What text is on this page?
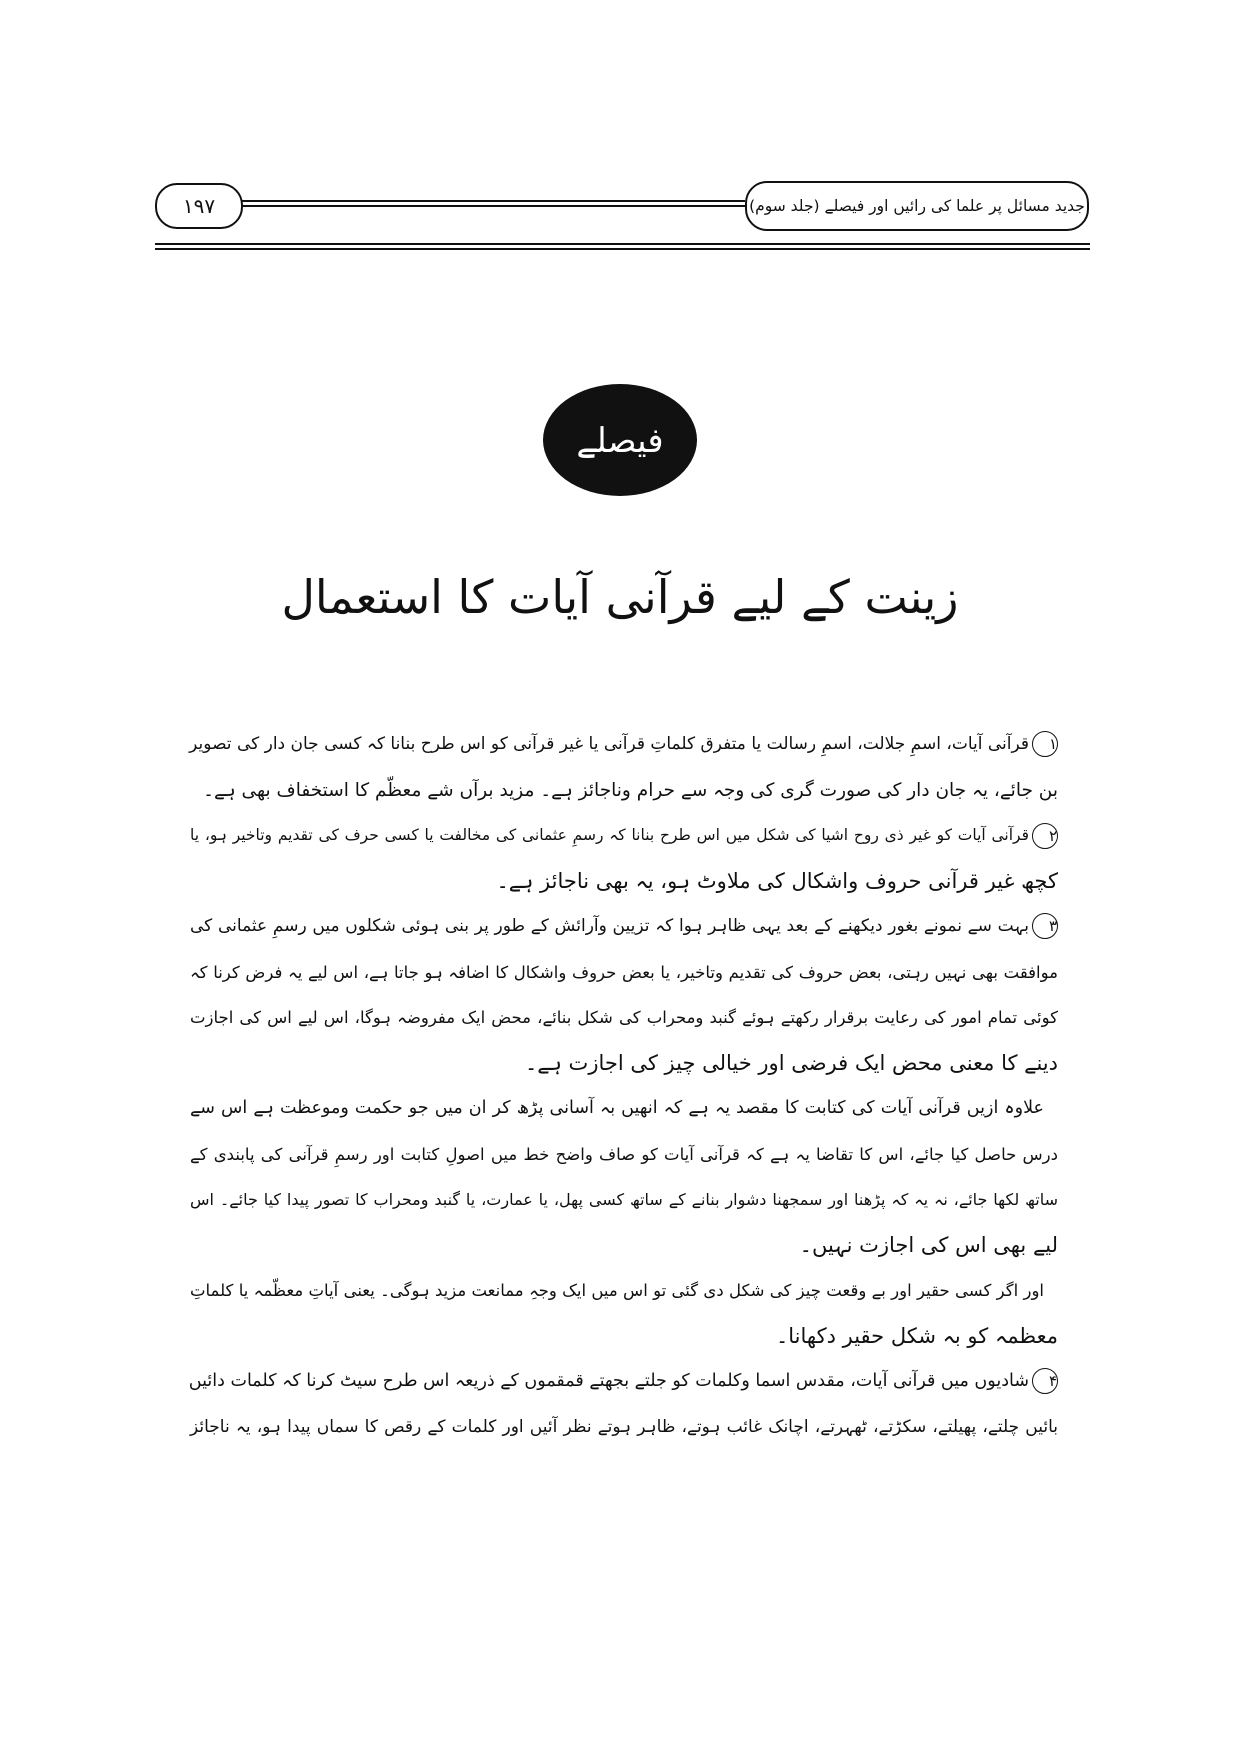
۱۹۷	جدید مسائل پر علما کی رائیں اور فیصلے (جلد سوم)
فیصلے
زینت کے لیے قرآنی آیات کا استعمال
۱قرآنی آیات، اسمِ جلالت، اسمِ رسالت یا متفرق کلماتِ قرآنی یا غیر قرآنی کو اس طرح بنانا کہ کسی جان دار کی تصویر
بن جائے، یہ جان دار کی صورت گری کی وجہ سے حرام وناجائز ہے۔ مزید برآں شے معظّم کا استخفاف بھی ہے۔
۲قرآنی آیات کو غیر ذی روح اشیا کی شکل میں اس طرح بنانا کہ رسمِ عثمانی کی مخالفت یا کسی حرف کی تقدیم وتاخیر ہو، یا
کچھ غیر قرآنی حروف واشکال کی ملاوٹ ہو، یہ بھی ناجائز ہے۔
۳بہت سے نمونے بغور دیکھنے کے بعد یہی ظاہر ہوا کہ تزیین وآرائش کے طور پر بنی ہوئی شکلوں میں رسمِ عثمانی کی
موافقت بھی نہیں رہتی، بعض حروف کی تقدیم وتاخیر، یا بعض حروف واشکال کا اضافہ ہو جاتا ہے، اس لیے یہ فرض کرنا کہ
کوئی تمام امور کی رعایت برقرار رکھتے ہوئے گنبد ومحراب کی شکل بنائے، محض ایک مفروضہ ہوگا، اس لیے اس کی اجازت
دینے کا معنی محض ایک فرضی اور خیالی چیز کی اجازت ہے۔
علاوہ ازیں قرآنی آیات کی کتابت کا مقصد یہ ہے کہ انھیں بہ آسانی پڑھ کر ان میں جو حکمت وموعظت ہے اس سے
درس حاصل کیا جائے، اس کا تقاضا یہ ہے کہ قرآنی آیات کو صاف واضح خط میں اصولِ کتابت اور رسمِ قرآنی کی پابندی کے
ساتھ لکھا جائے، نہ یہ کہ پڑھنا اور سمجھنا دشوار بنانے کے ساتھ کسی پھل، یا عمارت، یا گنبد ومحراب کا تصور پیدا کیا جائے۔ اس
لیے بھی اس کی اجازت نہیں۔
اور اگر کسی حقیر اور بے وقعت چیز کی شکل دی گئی تو اس میں ایک وجہِ ممانعت مزید ہوگی۔ یعنی آیاتِ معظّمہ یا کلماتِ
معظمہ کو بہ شکل حقیر دکھانا۔
۴شادیوں میں قرآنی آیات، مقدس اسما وکلمات کو جلتے بجھتے قمقموں کے ذریعہ اس طرح سیٹ کرنا کہ کلمات دائیں
بائیں چلتے، پھیلتے، سکڑتے، ٹھہرتے، اچانک غائب ہوتے، ظاہر ہوتے نظر آئیں اور کلمات کے رقص کا سماں پیدا ہو، یہ ناجائز
